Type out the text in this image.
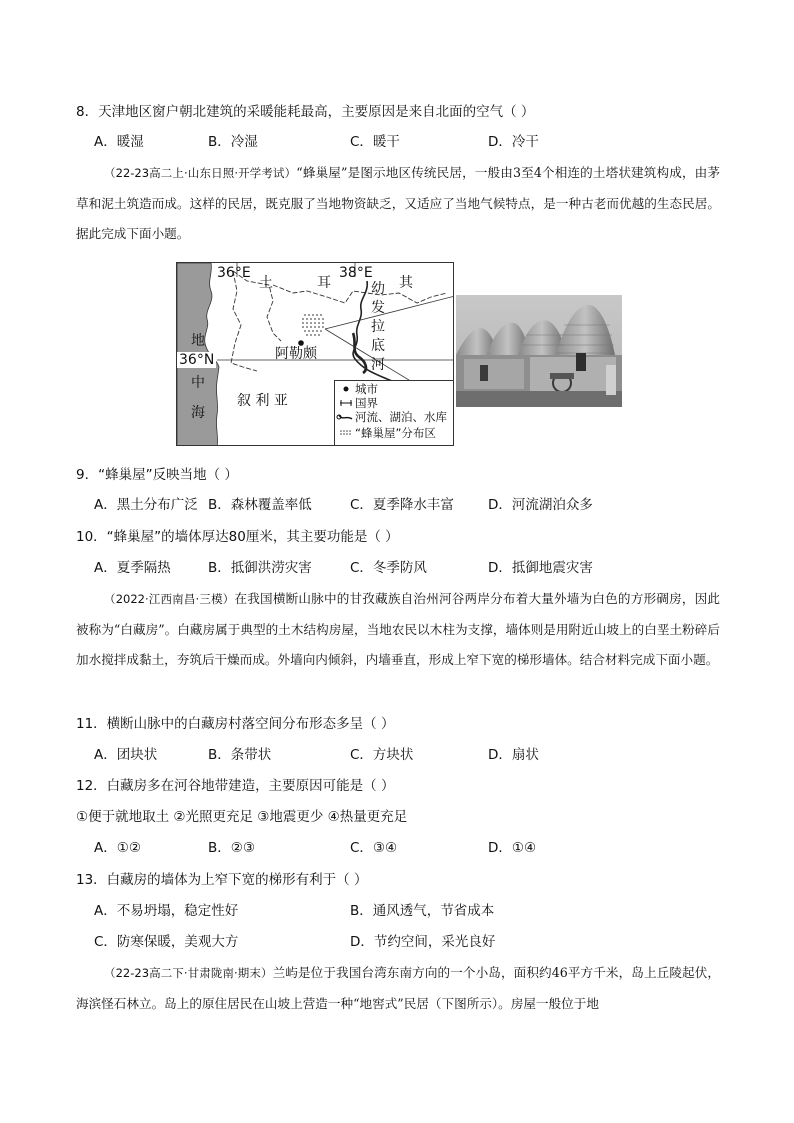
8．天津地区窗户朝北建筑的采暖能耗最高，主要原因是来自北面的空气（ ）
A．暖湿	B．冷湿	C．暖干	D．冷干
（22-23高二上·山东日照·开学考试）“蜂巢屋”是图示地区传统民居，一般由3至4个相连的土塔状建筑构成，由茅草和泥土筑造而成。这样的民居，既克服了当地物资缺乏，又适应了当地气候特点，是一种古老而优越的生态民居。据此完成下面小题。
36°E	38°E
36°N
土	耳	其
幼
发
拉
底
河
地
中
海
叙 利 亚
阿勒颇
城市
国界
河流、湖泊、水库
“蜂巢屋”分布区
9．“蜂巢屋”反映当地（ ）
A．黑土分布广泛 B．森林覆盖率低	C．夏季降水丰富	D．河流湖泊众多
10．“蜂巢屋”的墙体厚达80厘米，其主要功能是（ ）
A．夏季隔热	B．抵御洪涝灾害	C．冬季防风	D．抵御地震灾害
（2022·江西南昌·三模）在我国横断山脉中的甘孜藏族自治州河谷两岸分布着大量外墙为白色的方形碉房，因此被称为“白藏房”。白藏房属于典型的土木结构房屋，当地农民以木柱为支撑，墙体则是用附近山坡上的白垩土粉碎后加水搅拌成黏土，夯筑后干燥而成。外墙向内倾斜，内墙垂直，形成上窄下宽的梯形墙体。结合材料完成下面小题。
11．横断山脉中的白藏房村落空间分布形态多呈（ ）
A．团块状	B．条带状	C．方块状	D．扇状
12．白藏房多在河谷地带建造，主要原因可能是（ ）
①便于就地取土 ②光照更充足 ③地震更少 ④热量更充足
A．①②	B．②③	C．③④	D．①④
13．白藏房的墙体为上窄下宽的梯形有利于（ ）
A．不易坍塌，稳定性好	B．通风透气，节省成本
C．防寒保暖，美观大方	D．节约空间，采光良好
（22-23高二下·甘肃陇南·期末）兰屿是位于我国台湾东南方向的一个小岛，面积约46平方千米，岛上丘陵起伏，海滨怪石林立。岛上的原住居民在山坡上营造一种“地窖式”民居（下图所示）。房屋一般位于地
